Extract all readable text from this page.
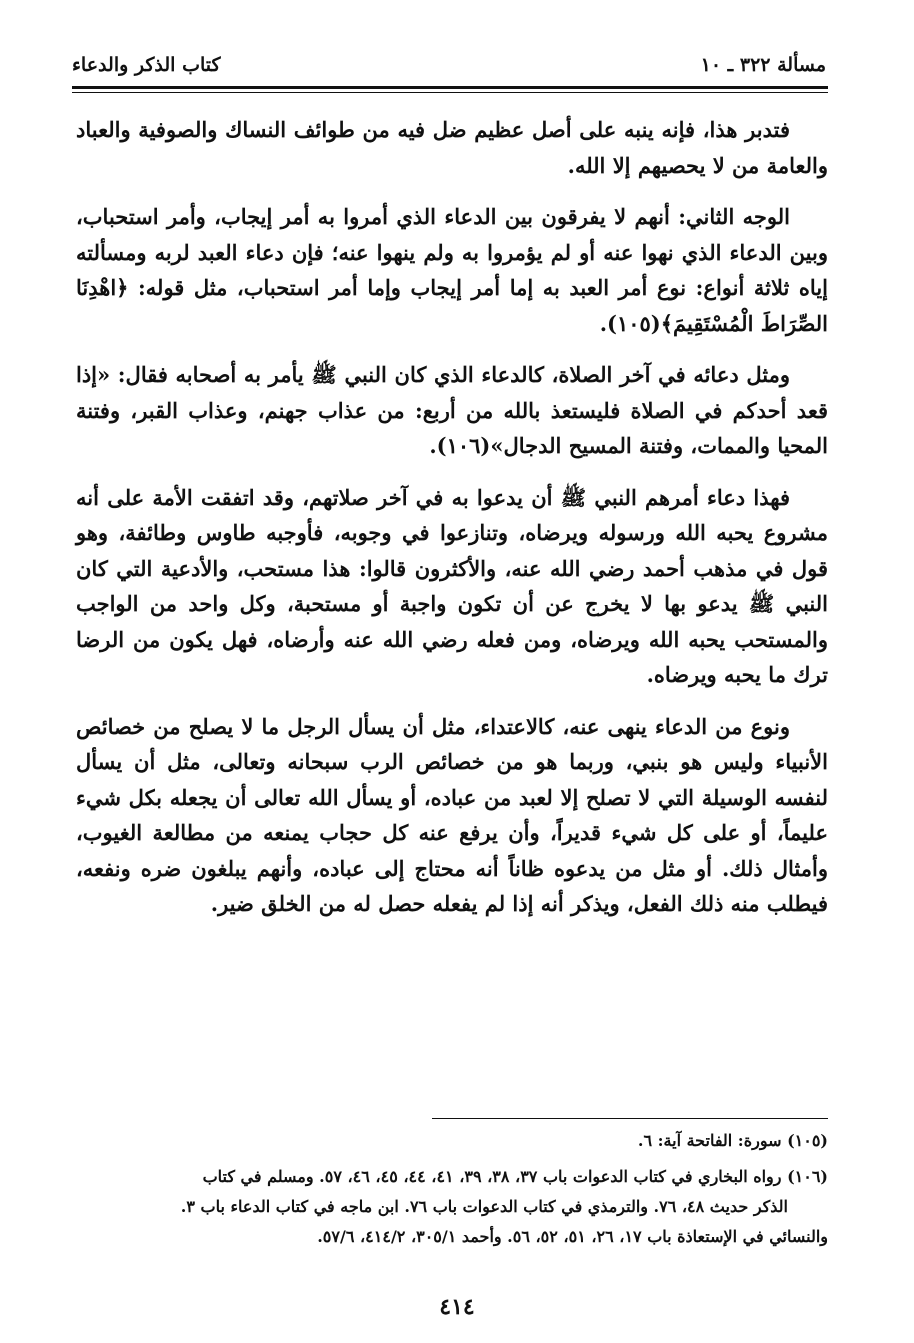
مسألة ٣٢٢ ـ ١٠
كتاب الذكر والدعاء

فتدبر هذا، فإنه ينبه على أصل عظيم ضل فيه من طوائف النساك والصوفية والعباد والعامة من لا يحصيهم إلا الله.

الوجه الثاني: أنهم لا يفرقون بين الدعاء الذي أمروا به أمر إيجاب، وأمر استحباب، وبين الدعاء الذي نهوا عنه أو لم يؤمروا به ولم ينهوا عنه؛ فإن دعاء العبد لربه ومسألته إياه ثلاثة أنواع: نوع أمر العبد به إما أمر إيجاب وإما أمر استحباب، مثل قوله: ﴿اهْدِنَا الصِّرَاطَ الْمُسْتَقِيمَ﴾(١٠٥).

ومثل دعائه في آخر الصلاة، كالدعاء الذي كان النبي ﷺ يأمر به أصحابه فقال: «إذا قعد أحدكم في الصلاة فليستعذ بالله من أربع: من عذاب جهنم، وعذاب القبر، وفتنة المحيا والممات، وفتنة المسيح الدجال»(١٠٦).

فهذا دعاء أمرهم النبي ﷺ أن يدعوا به في آخر صلاتهم، وقد اتفقت الأمة على أنه مشروع يحبه الله ورسوله ويرضاه، وتنازعوا في وجوبه، فأوجبه طاوس وطائفة، وهو قول في مذهب أحمد رضي الله عنه، والأكثرون قالوا: هذا مستحب، والأدعية التي كان النبي ﷺ يدعو بها لا يخرج عن أن تكون واجبة أو مستحبة، وكل واحد من الواجب والمستحب يحبه الله ويرضاه، ومن فعله رضي الله عنه وأرضاه، فهل يكون من الرضا ترك ما يحبه ويرضاه.

ونوع من الدعاء ينهى عنه، كالاعتداء، مثل أن يسأل الرجل ما لا يصلح من خصائص الأنبياء وليس هو بنبي، وربما هو من خصائص الرب سبحانه وتعالى، مثل أن يسأل لنفسه الوسيلة التي لا تصلح إلا لعبد من عباده، أو يسأل الله تعالى أن يجعله بكل شيء عليماً، أو على كل شيء قديراً، وأن يرفع عنه كل حجاب يمنعه من مطالعة الغيوب، وأمثال ذلك. أو مثل من يدعوه ظاناً أنه محتاج إلى عباده، وأنهم يبلغون ضره ونفعه، فيطلب منه ذلك الفعل، ويذكر أنه إذا لم يفعله حصل له من الخلق ضير.

(١٠٥) سورة: الفاتحة آية: ٦.

(١٠٦) رواه البخاري في كتاب الدعوات باب ٣٧، ٣٨، ٣٩، ٤١، ٤٤، ٤٥، ٤٦، ٥٧. ومسلم في كتاب

الذكر حديث ٤٨، ٧٦. والترمذي في كتاب الدعوات باب ٧٦. ابن ماجه في كتاب الدعاء باب ٣.

والنسائي في الإستعاذة باب ١٧، ٢٦، ٥١، ٥٢، ٥٦. وأحمد ٣٠٥/١، ٤١٤/٢، ٥٧/٦.

٤١٤
